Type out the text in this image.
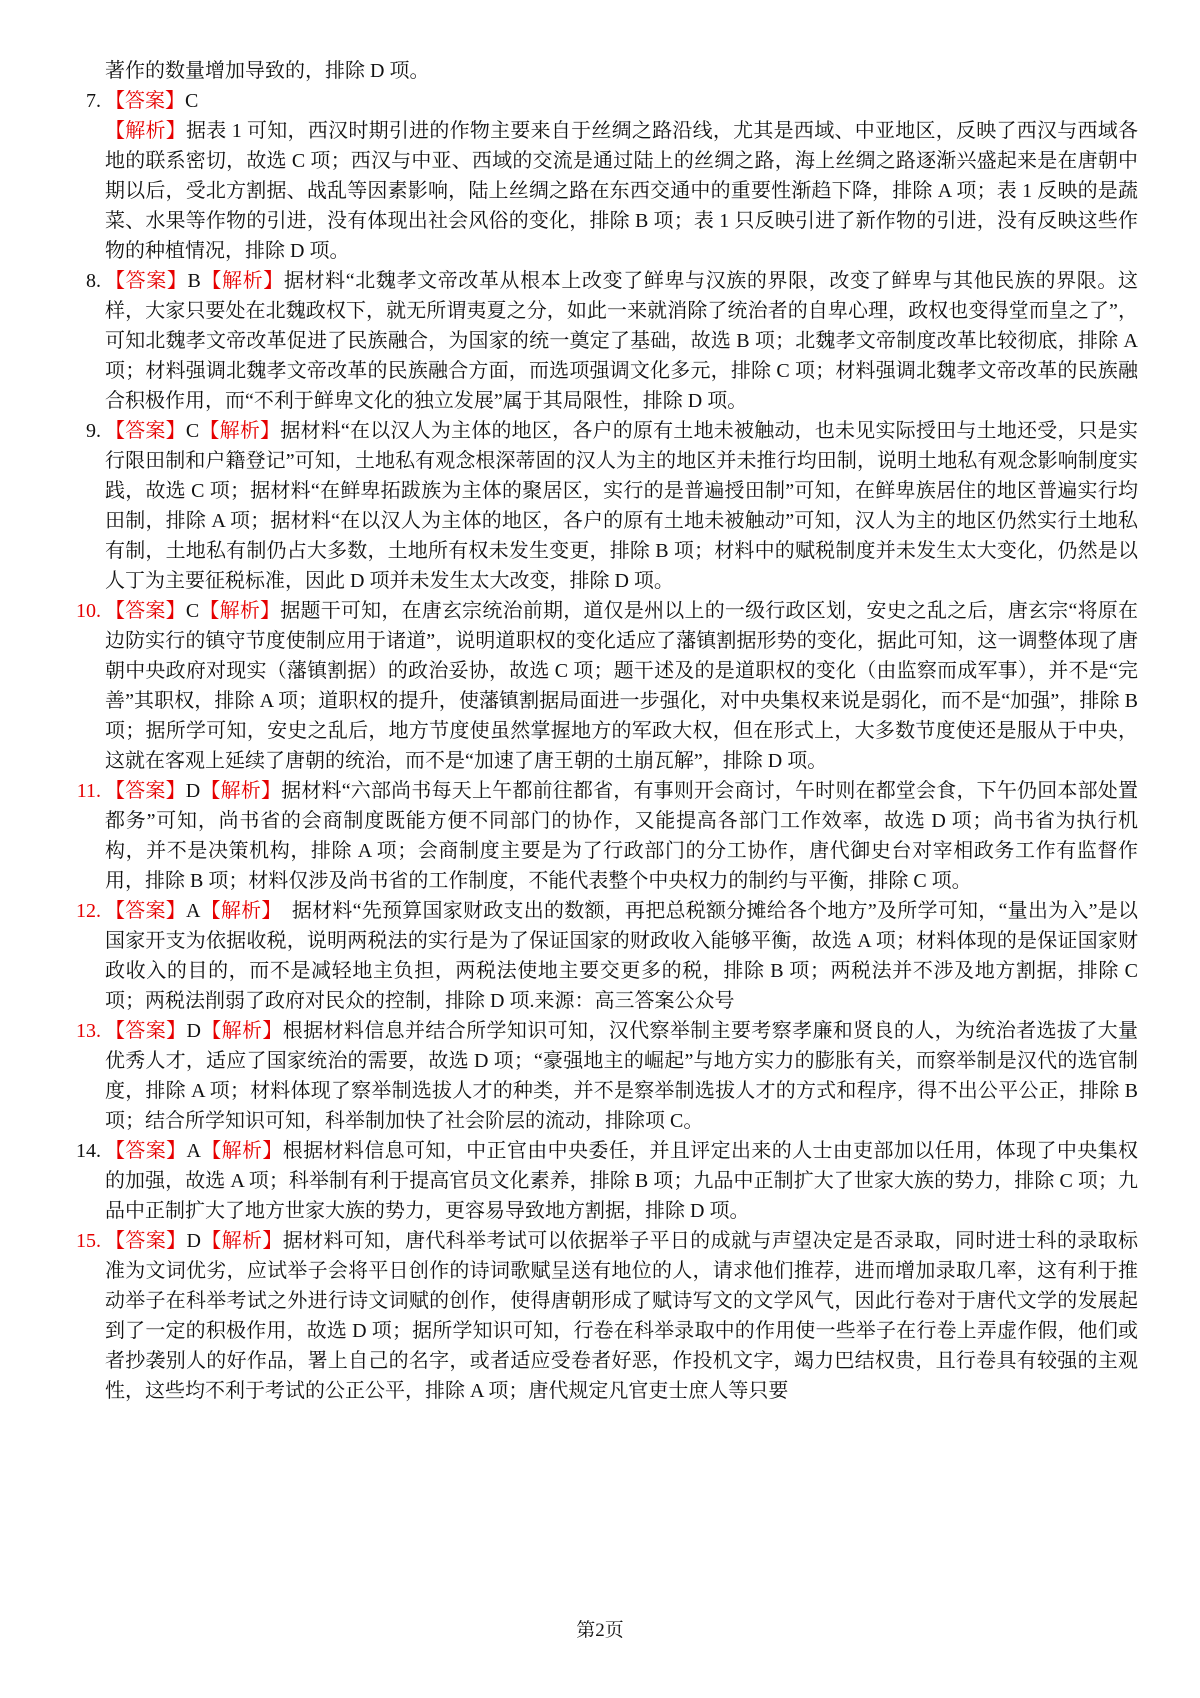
著作的数量增加导致的，排除 D 项。

7. 【答案】C
【解析】据表 1 可知，西汉时期引进的作物主要来自于丝绸之路沿线，尤其是西域、中亚地区，反映了西汉与西域各地的联系密切，故选 C 项；西汉与中亚、西域的交流是通过陆上的丝绸之路，海上丝绸之路逐渐兴盛起来是在唐朝中期以后，受北方割据、战乱等因素影响，陆上丝绸之路在东西交通中的重要性渐趋下降，排除 A 项；表 1 反映的是蔬菜、水果等作物的引进，没有体现出社会风俗的变化，排除 B 项；表 1 只反映引进了新作物的引进，没有反映这些作物的种植情况，排除 D 项。

8. 【答案】B【解析】据材料“北魏孝文帝改革从根本上改变了鲜卑与汉族的界限，改变了鲜卑与其他民族的界限。这样，大家只要处在北魏政权下，就无所谓夷夏之分，如此一来就消除了统治者的自卑心理，政权也变得堂而皇之了”，可知北魏孝文帝改革促进了民族融合，为国家的统一奠定了基础，故选 B 项；北魏孝文帝制度改革比较彻底，排除 A 项；材料强调北魏孝文帝改革的民族融合方面，而选项强调文化多元，排除 C 项；材料强调北魏孝文帝改革的民族融合积极作用，而“不利于鲜卑文化的独立发展”属于其局限性，排除 D 项。

9. 【答案】C【解析】据材料“在以汉人为主体的地区，各户的原有土地未被触动，也未见实际授田与土地还受，只是实行限田制和户籍登记”可知，土地私有观念根深蒂固的汉人为主的地区并未推行均田制，说明土地私有观念影响制度实践，故选 C 项；据材料“在鲜卑拓跋族为主体的聚居区，实行的是普遍授田制”可知，在鲜卑族居住的地区普遍实行均田制，排除 A 项；据材料“在以汉人为主体的地区，各户的原有土地未被触动”可知，汉人为主的地区仍然实行土地私有制，土地私有制仍占大多数，土地所有权未发生变更，排除 B 项；材料中的赋税制度并未发生太大变化，仍然是以人丁为主要征税标准，因此 D 项并未发生太大改变，排除 D 项。

10. 【答案】C【解析】据题干可知，在唐玄宗统治前期，道仅是州以上的一级行政区划，安史之乱之后，唐玄宗“将原在边防实行的镇守节度使制应用于诸道”，说明道职权的变化适应了藩镇割据形势的变化，据此可知，这一调整体现了唐朝中央政府对现实（藩镇割据）的政治妥协，故选 C 项；题干述及的是道职权的变化（由监察而成军事），并不是“完善”其职权，排除 A 项；道职权的提升，使藩镇割据局面进一步强化，对中央集权来说是弱化，而不是“加强”，排除 B 项；据所学可知，安史之乱后，地方节度使虽然掌握地方的军政大权，但在形式上，大多数节度使还是服从于中央，这就在客观上延续了唐朝的统治，而不是“加速了唐王朝的土崩瓦解”，排除 D 项。

11. 【答案】D【解析】据材料“六部尚书每天上午都前往都省，有事则开会商讨，午时则在都堂会食，下午仍回本部处置都务”可知，尚书省的会商制度既能方便不同部门的协作，又能提高各部门工作效率，故选 D 项；尚书省为执行机构，并不是决策机构，排除 A 项；会商制度主要是为了行政部门的分工协作，唐代御史台对宰相政务工作有监督作用，排除 B 项；材料仅涉及尚书省的工作制度，不能代表整个中央权力的制约与平衡，排除 C 项。

12. 【答案】A【解析】　据材料“先预算国家财政支出的数额，再把总税额分摊给各个地方”及所学可知，“量出为入”是以国家开支为依据收税，说明两税法的实行是为了保证国家的财政收入能够平衡，故选 A 项；材料体现的是保证国家财政收入的目的，而不是减轻地主负担，两税法使地主要交更多的税，排除 B 项；两税法并不涉及地方割据，排除 C 项；两税法削弱了政府对民众的控制，排除 D 项.来源：高三答案公众号

13. 【答案】D【解析】根据材料信息并结合所学知识可知，汉代察举制主要考察孝廉和贤良的人，为统治者选拔了大量优秀人才，适应了国家统治的需要，故选 D 项；“豪强地主的崛起”与地方实力的膨胀有关，而察举制是汉代的选官制度，排除 A 项；材料体现了察举制选拔人才的种类，并不是察举制选拔人才的方式和程序，得不出公平公正，排除 B 项；结合所学知识可知，科举制加快了社会阶层的流动，排除项 C。

14. 【答案】A【解析】根据材料信息可知，中正官由中央委任，并且评定出来的人士由吏部加以任用，体现了中央集权的加强，故选 A 项；科举制有利于提高官员文化素养，排除 B 项；九品中正制扩大了世家大族的势力，排除 C 项；九品中正制扩大了地方世家大族的势力，更容易导致地方割据，排除 D 项。

15. 【答案】D【解析】据材料可知，唐代科举考试可以依据举子平日的成就与声望决定是否录取，同时进士科的录取标准为文词优劣，应试举子会将平日创作的诗词歌赋呈送有地位的人，请求他们推荐，进而增加录取几率，这有利于推动举子在科举考试之外进行诗文词赋的创作，使得唐朝形成了赋诗写文的文学风气，因此行卷对于唐代文学的发展起到了一定的积极作用，故选 D 项；据所学知识可知，行卷在科举录取中的作用使一些举子在行卷上弄虚作假，他们或者抄袭别人的好作品，署上自己的名字，或者适应受卷者好恶，作投机文字，竭力巴结权贵，且行卷具有较强的主观性，这些均不利于考试的公正公平，排除 A 项；唐代规定凡官吏士庶人等只要

第2页
